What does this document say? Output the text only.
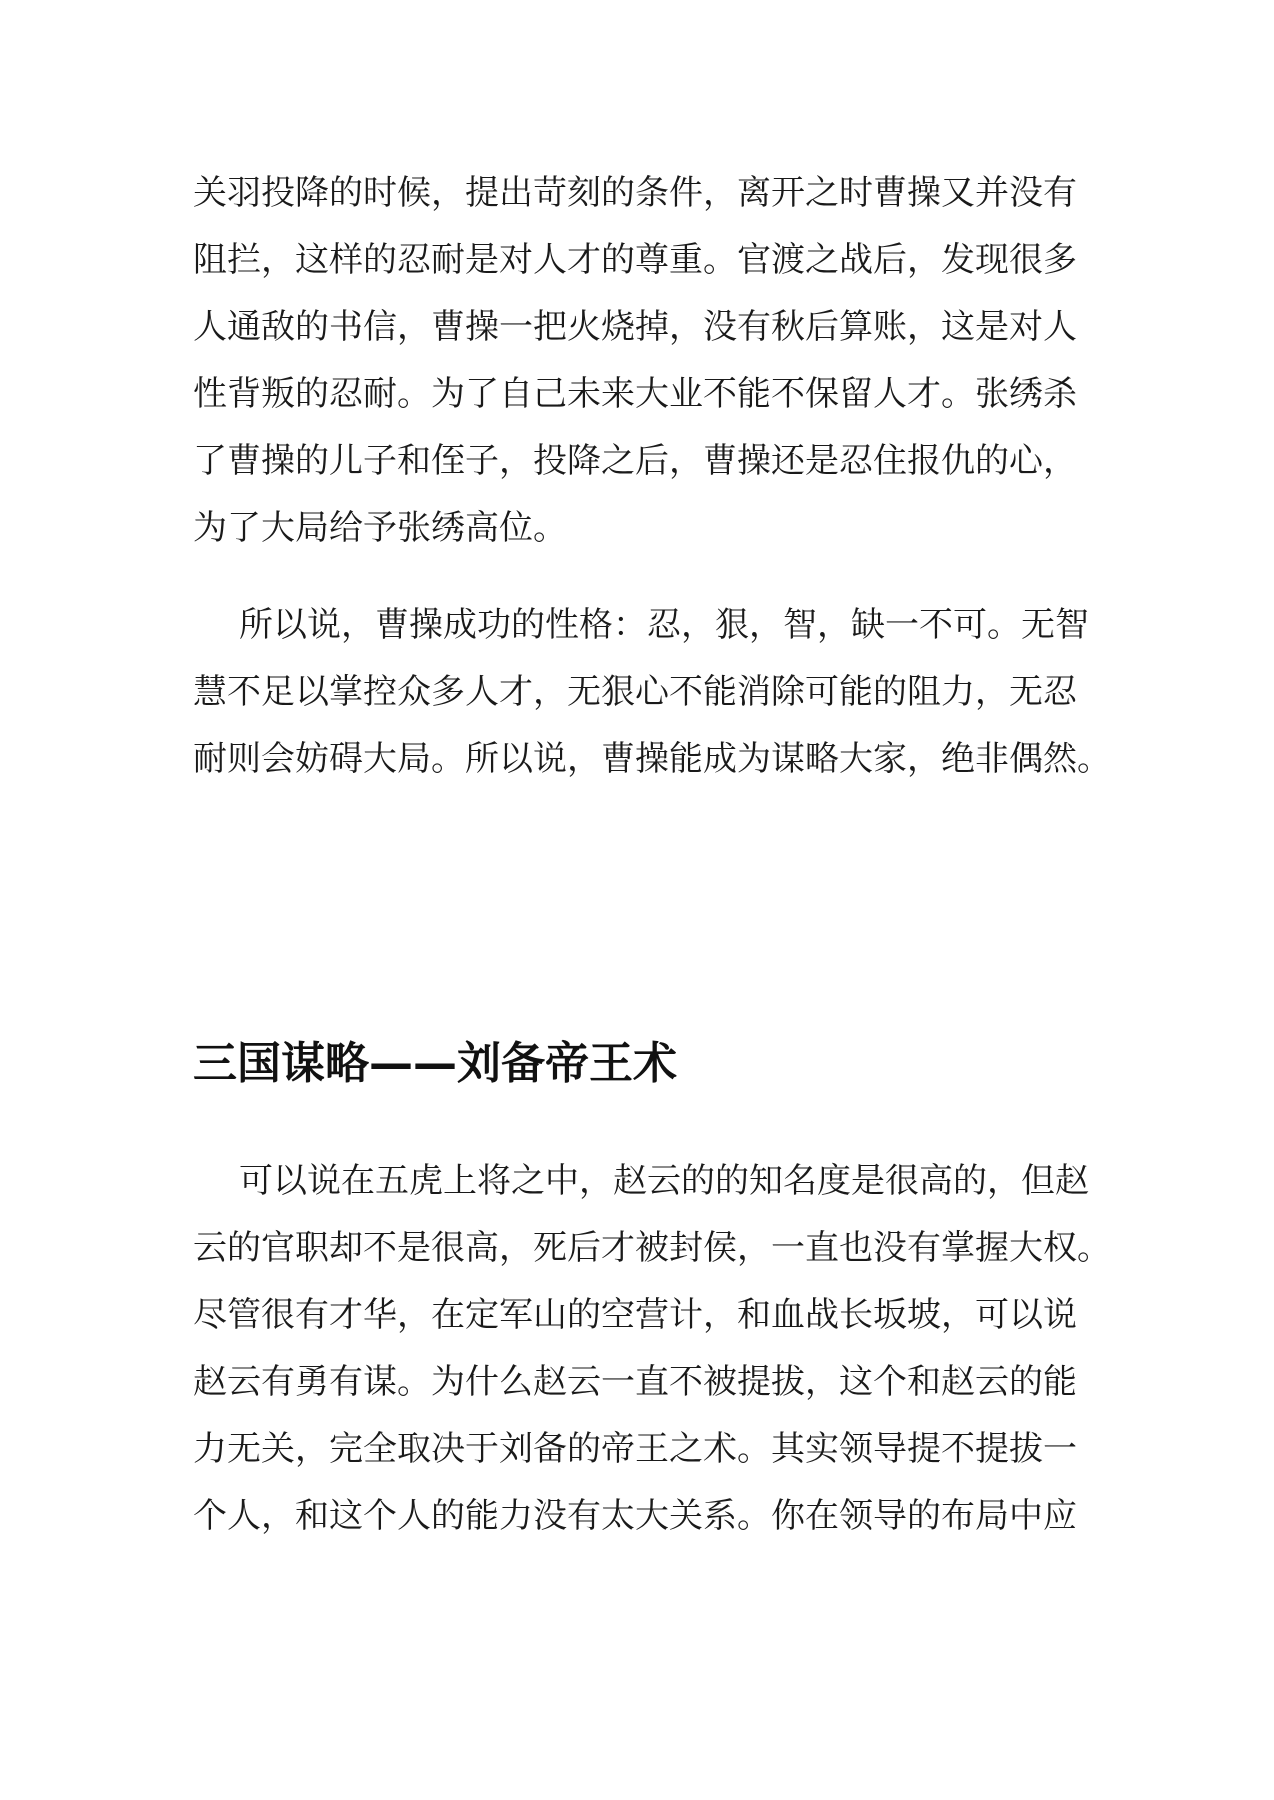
关羽投降的时候，提出苛刻的条件，离开之时曹操又并没有
阻拦，这样的忍耐是对人才的尊重。官渡之战后，发现很多
人通敌的书信，曹操一把火烧掉，没有秋后算账，这是对人
性背叛的忍耐。为了自己未来大业不能不保留人才。张绣杀
了曹操的儿子和侄子，投降之后，曹操还是忍住报仇的心，
为了大局给予张绣高位。

所以说，曹操成功的性格：忍，狠，智，缺一不可。无智
慧不足以掌控众多人才，无狠心不能消除可能的阻力，无忍
耐则会妨碍大局。所以说，曹操能成为谋略大家，绝非偶然。

三国谋略——刘备帝王术

可以说在五虎上将之中，赵云的的知名度是很高的，但赵
云的官职却不是很高，死后才被封侯，一直也没有掌握大权。
尽管很有才华，在定军山的空营计，和血战长坂坡，可以说
赵云有勇有谋。为什么赵云一直不被提拔，这个和赵云的能
力无关，完全取决于刘备的帝王之术。其实领导提不提拔一
个人，和这个人的能力没有太大关系。你在领导的布局中应
